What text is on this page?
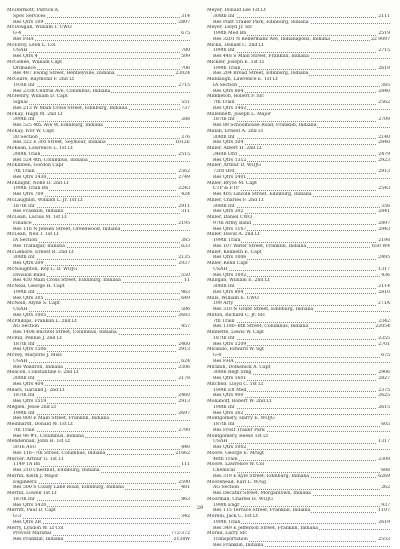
McDermott, Patrick A.
Spec Services	314
Res Qtrs 109	2807
McDougall, William T. CWO
G-4	675
Res FHA
McElroy, Leon L. Col
USAH	780
Res Qtrs 4	599
McGehee, William Capt
Ordnance	706
Res 487 Ewing Street, Bentleyville, Indiana	23024
McGuire, Raymond F. 2nd Lt
193th Inf	2715
Res 2338 Central Ave, Columbus, Indiana
McHenry, William D. Capt
Signal	551
Res 213 W Main Cross Street, Edinburg, Indiana	737
McKay, Hugh M. 2nd Lt
399th Inf	388
Res 525 4th. Ave W, Edinburg, Indiana
McKay, Ivor W. Capt
30 Section	376
Res 322 E 3rd Street, Seymour, Indiana	1012E
McKean, Lawrence L. 1st Lt
390th Train	2515
Res 524 4th, Columbus, Indiana
McKibben, Gordon Capt
7th Train	2562
Res Qtrs 1430	2749
McKnight, Nolle D. 2nd Lt
199th Train Bn	2243
Res Qtrs 709	424
McLaughlin, William L. Jr. 1st Lt
187th Inf	2911
Res Franklin, Indiana	311
McLean, Lucius M. 1st Lt
Finance	2195
Res 116 N Jensen Street, Greenwood, Indiana
McLean, Neil T. 1st Lt
IA Section	385
Res Trafalgar, Indiana	633
McLemore, Ernest R. 2nd Lt
308th Inf	2135
Res Qtrs 309	2937
McNaughton, Roy L. D. WOJG
Division Band	550
Res 430 Main Cross Street, Edinburg, Indiana	11
McNeal, George H. Capt
199th Inf	963
Res Qtrs 305	649
McNeill, Alyne S. Capt
USAH	586
Res Qtrs 1005	2683
McPhillips, Franklin L. 2nd Lt
AG Section	457
Res 1408 Buchtel Street, Columbus, Indiana
McRill, Pennie J. 2nd Lt
187th Inf	2460
Res Qtrs 1506	2913
McVey, Marjorie J. Miss
USAH	624
Res Waldron, Indiana	2306
Meacon, Constantine F. 2nd Lt
308th Inf	2178
Res Qtrs 404
Mears, Garland J. 2nd Lt
187th Inf	2460
Res Qtrs 1519	2913
Meglen, Jesse 2nd Lt
199th Inf	2697
Res 800 E Main Street, Franklin, Indiana
Meinhardt, Donald W. 1st Lt
7th Train	2790
Res 98 #1, Columbus, Indiana
Mendenhall, John H. 1st Lt
3016 ASU	440
Res 116--7th Street, Columbus, Indiana	21662
Mercer, Arthur G. 1st Lt
1149 TA Bn	111
Res 210 Chestnut, Edinburg, Indiana
Merrill, Keith J. Major
Engineers	2590
Res 500 S Coady Lane Road, Edinburg, Indiana	481
Merrill, Lowell 1st Lt
187th Inf	863
Res Qtrs 1420
Merritt, Paul D. Capt
G-3	342
Res Qtrs 2B
Merry, Lyndon W. Lt Col
Provost Marshal	772-372
Res Franklin, Indiana	2138W
Meyer, Donald Lee 1st Lt
308th Inf	2111
Res Platt Trailer Park, Edinburg, Indiana
Meyer, Lloyd Jr. Sfc
199th Med Bn	2519
Res 3201 N Kellermanz Ave, Indianapolis, Indiana	22 9097
Micka, Donald C. 2nd Lt
199th Inf	2715
Res 448 S Main Street, Franklin, Indiana
Mickler, Joseph E. 1st Lt
199th Train	2619
Res 204 Broad Street, Edinburg, Indiana
Middaugh, Lawrence E. 1st Lt
IA Section	385
Res Qtrs 804	2840
Middleton, Robert F. Sfc
7th Train	2562
Res Qtrs 1402
Millennett, Joseph L. Major
187th Inf	2709
Res 89 Schoolhouse Road, Franklin, Indiana
Millan, Ernest A. 2nd Lt
308th Inf	2140
Res Qtrs 504	2840
Miller, Albert H. 2nd Lt
346th Ord	2479
Res Qtrs 1312	2923
Miller, Arthur D. WOJG
73rd Ord	2913
Res Qtrs 1401
Miller, Bryce M. Capt
CTP & FTP	2543
Res 405 Lincoln Street, Edinburg, Indiana
Miller, Charles F. 2nd Lt
308th Inf	356
Res Qtrs 302	2841
Miller, Daniel CWO
97th Army Band	2897
Res Qtrs 1107	2943
Miller, David A. 2nd Lt
199th Train	2198
Res 107 Water Street, Franklin, Indiana	650 W4
Miller, Kenneth E. Capt
Res Qtrs 1006	2495
Miller, Kenn Capt
USAH	1317
Res Qtrs 1002	436
Milligan, William E. 2nd Lt
308th Inf	2114
Res Qtrs 804	2810
Mills, William E. CWO
199 Arty	271A
Res 310 N Grant Street, Edinburg, Indiana
Milton, Richard C. Jr. Sfc
7th Train	2342
Res 1180--8th Street, Columbus, Indiana	22054
Minnette, Lewis W. Capt
187th Inf	2355
Res Qtrs 1209	2701
Mirando, Edward W. Sgt
G-4	675
Res FHA
Mirabih, Domenick A. Capt
308th Regt Stng	2906
Res Qtrs 1601	2827
Mitchell, Lloyd C. 1st Lt
199th Eff Med	2375
Res Qtrs 900	2625
Molianoff, Robert W. 2nd Lt
198th Inf	2615
Res Qtrs 302
Montgomery, Harry E. WOJG
187th Inf	605
Res Frost Trailer Park
Montgomery, Reese 1st Lt
USAH	1317
Res Qtrs 1002
Moore, George E. M/Sgt
48th Train	2309
Moore, Lawrence W. Col
Chemical	688
Res 319 E Kyle Street, Edinburg, Indiana	6269
Moorehead, Earl L. W/Sg
AG Section	262
Res Decatur Street, Morgantown, Indiana
Moorman, Charles H. WOJG
199th Engr	937
Res 115 Terrace Street, Franklin, Indiana	1107
Morelli, Jack C. 1st Lt
199th Train	2619
Res 349 E Jefferson Street, Franklin, Indiana
Moran, Larry Sfc
Transportation	2553
Res Franklin, Indiana
29
